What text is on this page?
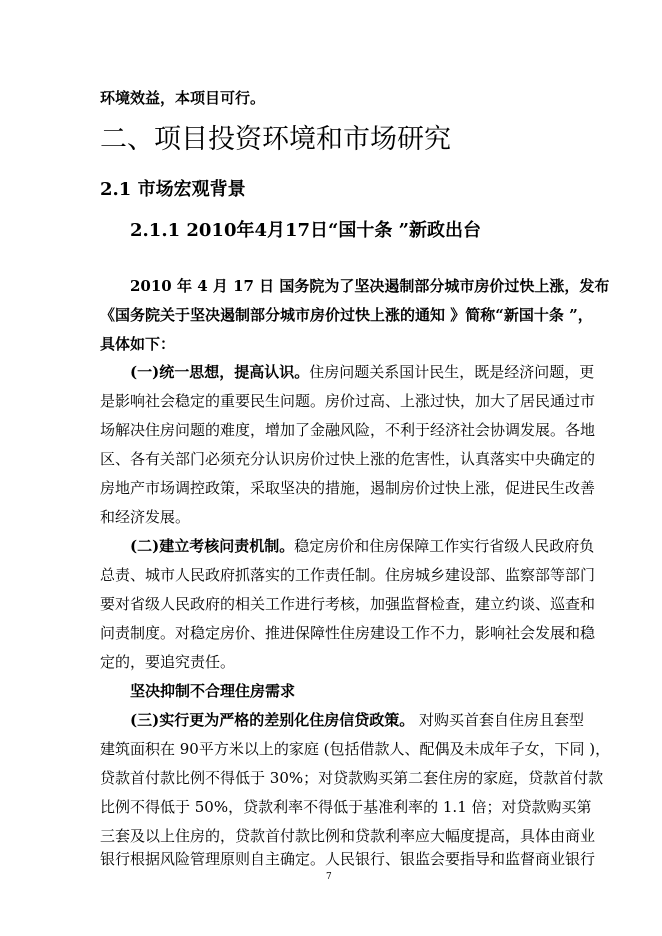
环境效益，本项目可行。
二、项目投资环境和市场研究
2.1 市场宏观背景
2.1.1 2010年4月17日“国十条 ”新政出台
2010 年 4 月 17 日 国务院为了坚决遏制部分城市房价过快上涨，发布
《国务院关于坚决遏制部分城市房价过快上涨的通知 》简称“新国十条 ”，
具体如下：
(一)统一思想，提高认识。住房问题关系国计民生，既是经济问题，更
是影响社会稳定的重要民生问题。房价过高、上涨过快，加大了居民通过市
场解决住房问题的难度，增加了金融风险，不利于经济社会协调发展。各地
区、各有关部门必须充分认识房价过快上涨的危害性，认真落实中央确定的
房地产市场调控政策，采取坚决的措施，遏制房价过快上涨，促进民生改善
和经济发展。
(二)建立考核问责机制。稳定房价和住房保障工作实行省级人民政府负
总责、城市人民政府抓落实的工作责任制。住房城乡建设部、监察部等部门
要对省级人民政府的相关工作进行考核，加强监督检查，建立约谈、巡查和
问责制度。对稳定房价、推进保障性住房建设工作不力，影响社会发展和稳
定的，要追究责任。
坚决抑制不合理住房需求
(三)实行更为严格的差别化住房信贷政策。 对购买首套自住房且套型
建筑面积在 90平方米以上的家庭 (包括借款人、配偶及未成年子女，下同 )，
贷款首付款比例不得低于 30%；对贷款购买第二套住房的家庭，贷款首付款
比例不得低于 50%，贷款利率不得低于基准利率的 1.1 倍；对贷款购买第
三套及以上住房的，贷款首付款比例和贷款利率应大幅度提高，具体由商业
银行根据风险管理原则自主确定。人民银行、银监会要指导和监督商业银行
7
